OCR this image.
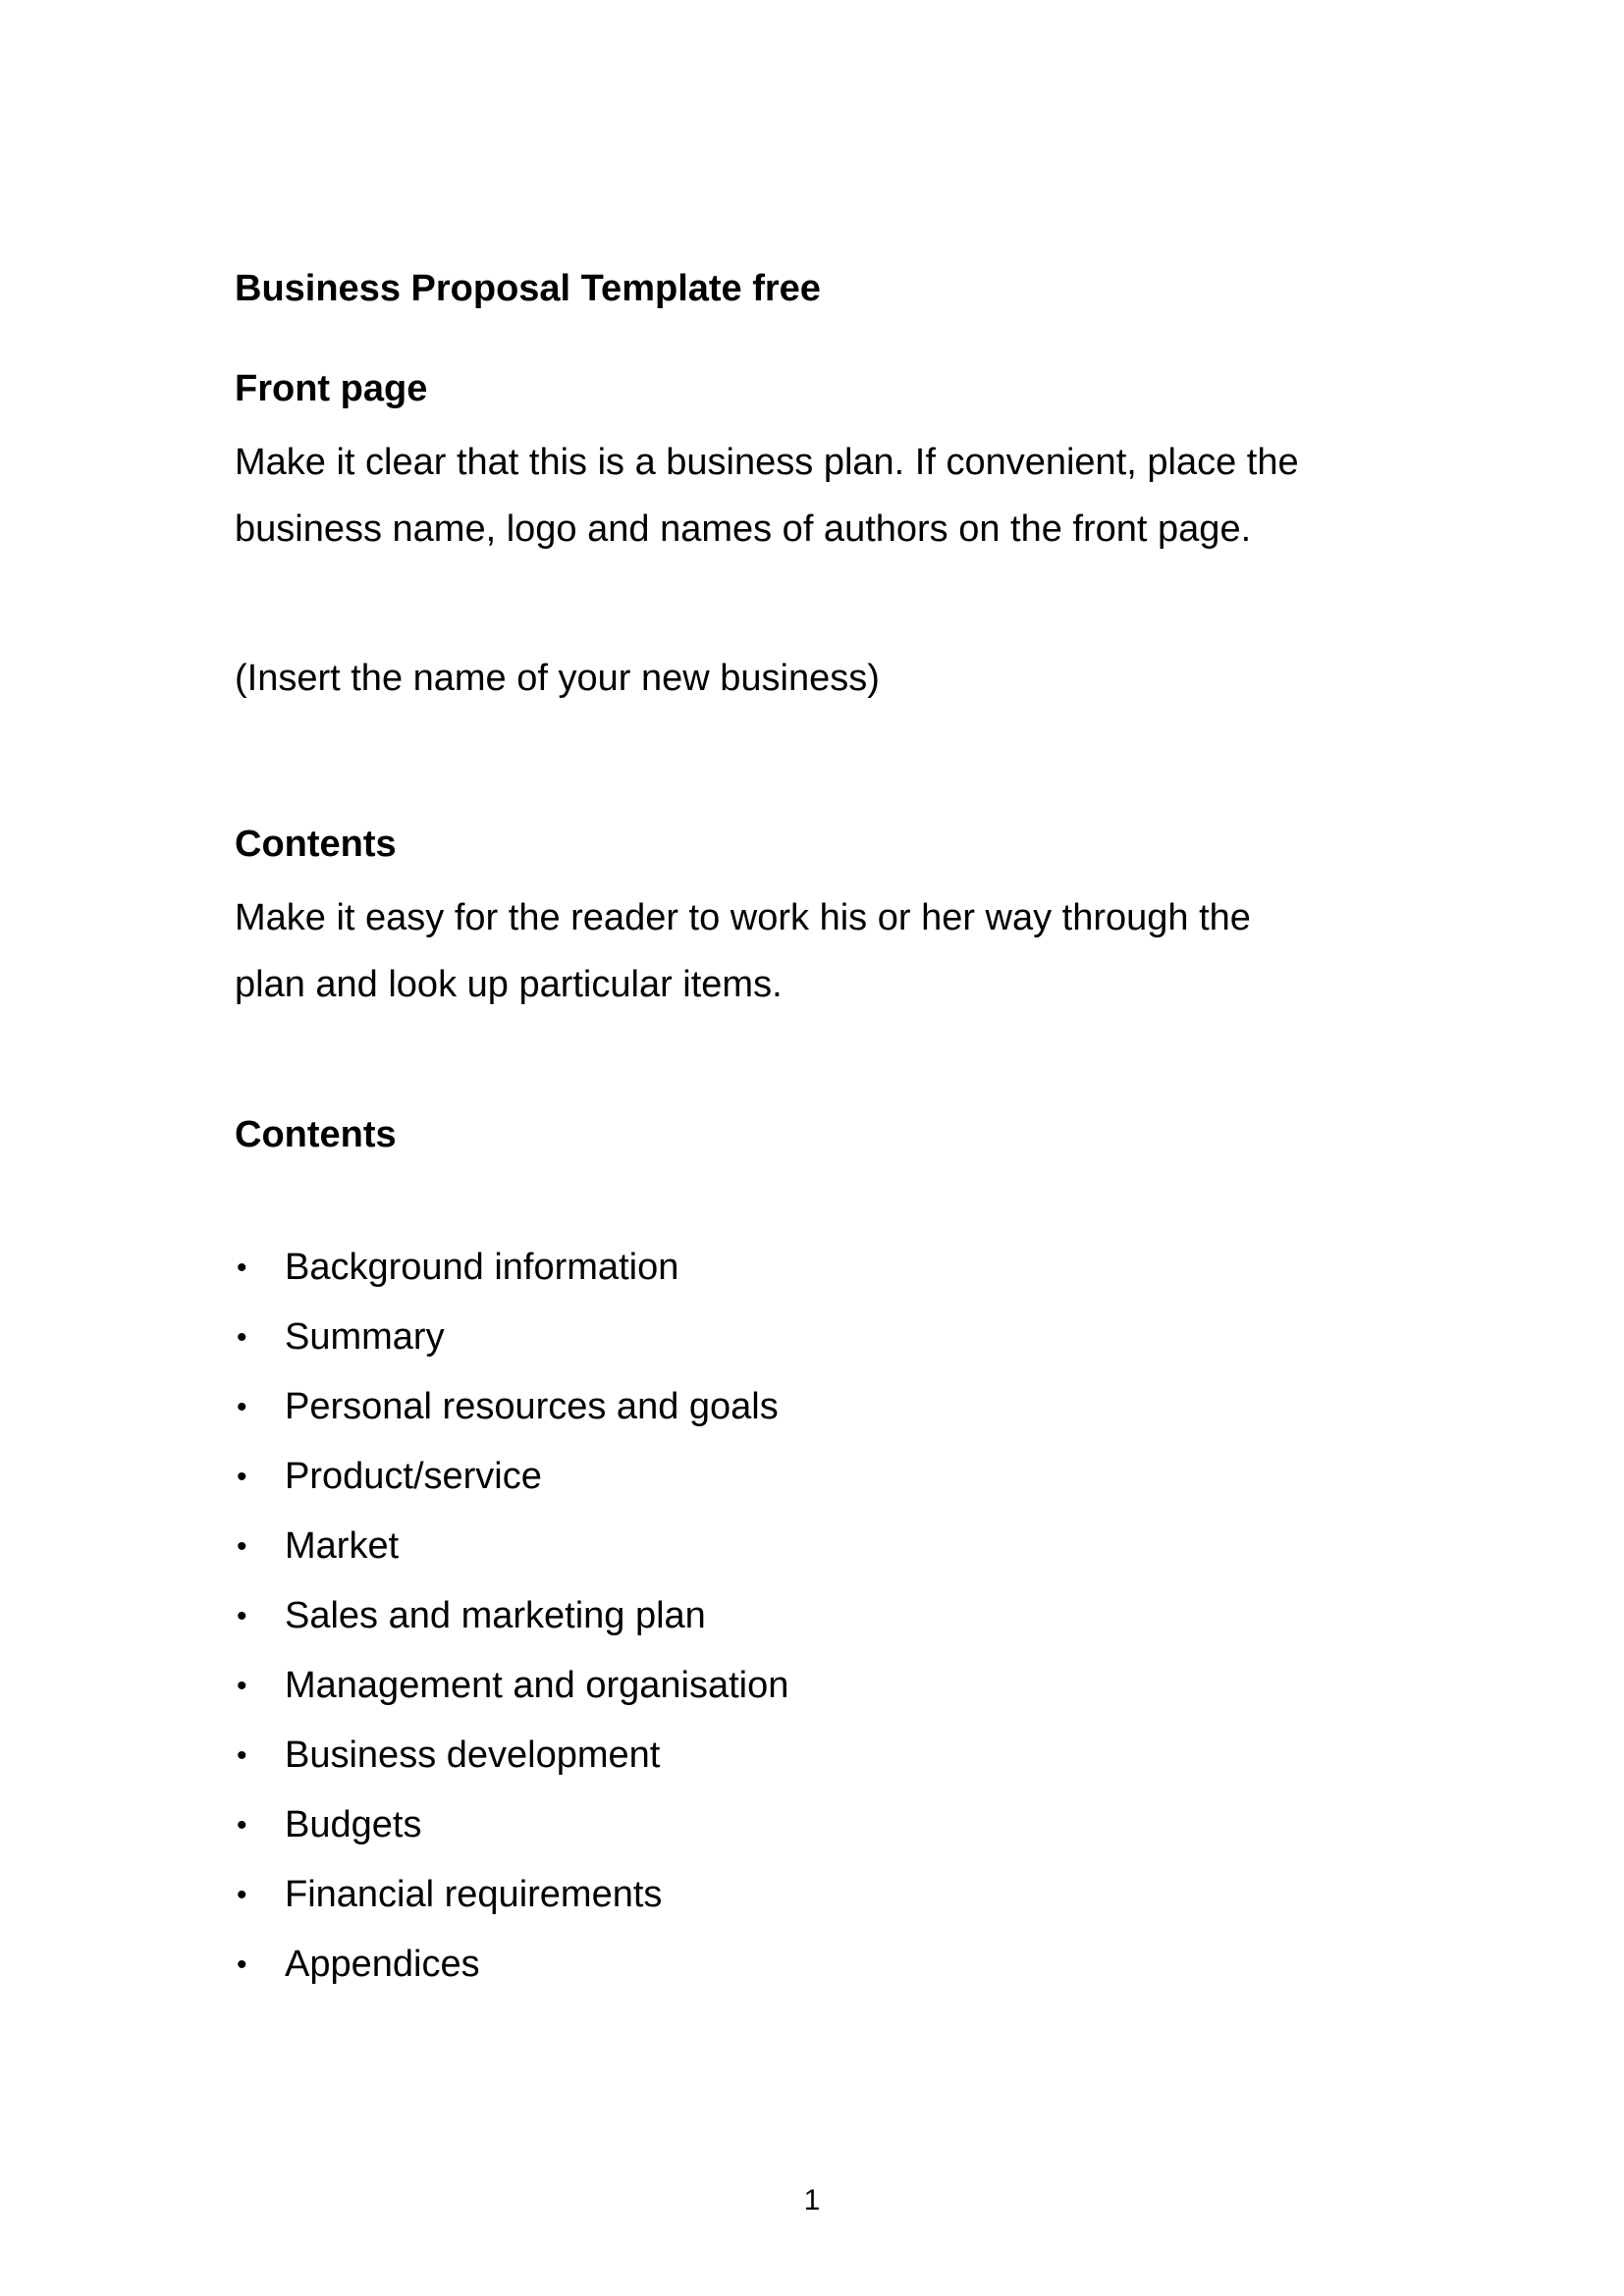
Business Proposal Template free
Front page

Make it clear that this is a business plan. If convenient, place the
business name, logo and names of authors on the front page.

(Insert the name of your new business)

Contents

Make it easy for the reader to work his or her way through the
plan and look up particular items.

Contents
• Background information
• Summary
• Personal resources and goals
• Product/service
• Market
• Sales and marketing plan
• Management and organisation
• Business development
• Budgets
• Financial requirements
• Appendices
1
